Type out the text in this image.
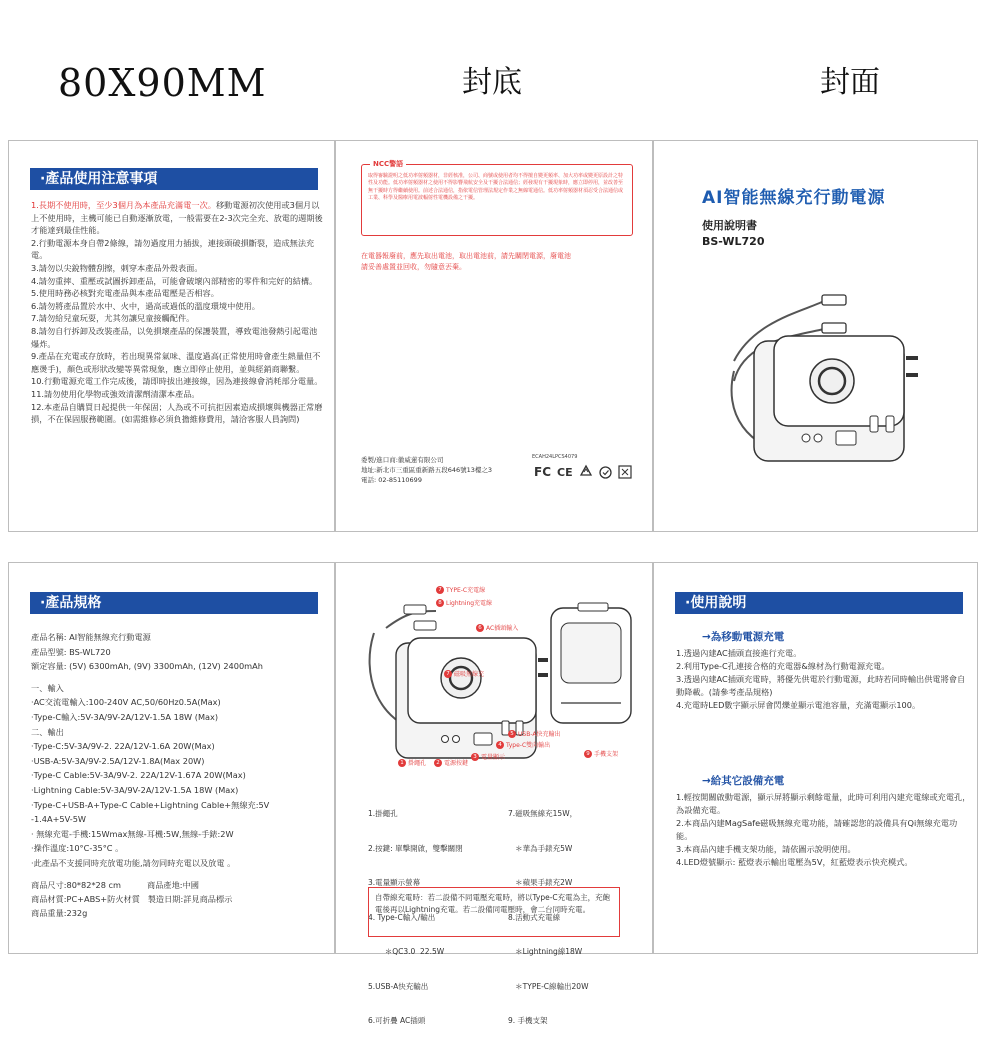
80X90MM	封底	封面
·產品使用注意事項
1.長期不使用時，至少3個月為本產品充滿電一次。移動電源初次使用或3個月以上不使用時，主機可能已自動逐漸放電，一般需要在2-3次完全充、放電的週期後才能達到最佳性能。
2.行動電源本身自帶2條線，請勿過度用力插拔，連接頭破損斷裂，造成無法充電。
3.請勿以尖銳物體刮擦，刺穿本產品外殼表面。
4.請勿重摔、重壓或試圖拆卸產品，可能會破壞內部精密的零件和完好的結構。
5.使用時務必核對充電產品與本產品電壓是否相容。
6.請勿將產品置於水中、火中，過高或過低的溫度環境中使用。
7.請勿給兒童玩耍，尤其勿讓兒童接觸配件。
8.請勿自行拆卸及改裝產品，以免損壞產品的保護裝置，導致電池發熱引起電池爆炸。
9.產品在充電或存放時，若出現異常氣味、溫度過高(正常使用時會產生熱量但不應燙手)，顏色或形狀改變等異常現象，應立即停止使用，並與經銷商聯繫。
10.行動電源充電工作完成後，請即時拔出連接線，因為連接線會消耗部分電量。
11.請勿使用化學物或強效清潔劑清潔本產品。
12.本產品自購買日起提供一年保固；人為或不可抗拒因素造成損壞與機器正常磨損，不在保固服務範圍。(如需維修必須負擔維修費用，請洽客服人員詢問)
NCC警語
取得審驗證明之低功率射頻器材，非經核准，公司、商號或使用者均不得擅自變更頻率、加大功率或變更原設計之特性及功能。低功率射頻器材之使用不得影響飛航安全及干擾合法通信；經發現有干擾現象時，應立即停用，並改善至無干擾時方得繼續使用。前述合法通信，指依電信管理法規定作業之無線電通信。低功率射頻器材須忍受合法通信或工業、科學及醫療用電波輻射性電機設備之干擾。
在電器報廢前，應先取出電池，取出電池前，請先關閉電源，廢電池 請妥善處置並回收，勿隨意丟棄。
委製/進口商:徽威蓮有限公司
地址:新北市三重區重新路五段646號13樓之3
電話: 02-85110699
ECAH24LPCS4079
FC CE
AI智能無線充行動電源
使用說明書
BS-WL720
·產品規格
產品名稱: AI智能無線充行動電源
產品型號: BS-WL720
額定容量: (5V) 6300mAh, (9V) 3300mAh, (12V) 2400mAh
一、輸入
·AC交流電輸入:100-240V AC,50/60Hz0.5A(Max)
·Type-C輸入:5V-3A/9V-2A/12V-1.5A 18W (Max)
二、輸出
·Type-C:5V-3A/9V-2. 22A/12V-1.6A 20W(Max)
·USB-A:5V-3A/9V-2.5A/12V-1.8A(Max 20W)
·Type-C Cable:5V-3A/9V-2. 22A/12V-1.67A 20W(Max)
·Lightning Cable:5V-3A/9V-2A/12V-1.5A 18W (Max)
·Type-C+USB-A+Type-C Cable+Lightning Cable+無線充:5V
-1.4A+5V-5W
· 無線充電-手機:15Wmax無線-耳機:5W,無線-手錶:2W
·操作溫度:10°C-35°C 。
·此產品不支援同時充放電功能,請勿同時充電以及放電 。
商品尺寸:80*82*28 cm          商品產地:中國
商品材質:PC+ABS+防火材質   製造日期:詳見商品標示
商品重量:232g
7 TYPE-C充電線
8 Lightning充電線
6 AC插頭輸入
7 磁吸無線充
5 USB-A快充輸出
4 Type-C雙向輸出
3 電量顯示
2 電源按鍵
1 掛繩孔
9 手機支架

1.掛繩孔

2.按鍵: 單擊開啟，雙擊關閉

3.電量顯示螢幕

4. Type-C輸入/輸出

＊QC3.0  22.5W

5.USB-A快充輸出

6.可折疊 AC插頭

7.磁吸無線充15W，

＊華為手錶充5W

＊蘋果手錶充2W

8.活動式充電線

＊Lightning線18W

＊TYPE-C線輸出20W

9. 手機支架

自帶線充電時：若二設備不同電壓充電時，將以Type-C充電為主，充飽電後再以Lightning充電。若二設備同電壓時，會二台同時充電。
·使用說明
→為移動電源充電
1.透過內建AC插頭直接進行充電。
2.利用Type-C孔連接合格的充電器&線材為行動電源充電。
3.透過內建AC插頭充電時，將優先供電於行動電源，此時若同時輸出供電將會自動降載。(請參考產品規格)
4.充電時LED數字顯示屏會閃爍並顯示電池容量，充滿電顯示100。
→給其它設備充電
1.輕按開關啟動電源，顯示屏將顯示剩餘電量，此時可利用內建充電線或充電孔，為設備充電。
2.本商品內建MagSafe磁吸無線充電功能，請確認您的設備具有Qi無線充電功能。
3.本商品內建手機支架功能，請依圖示說明使用。
4.LED燈號顯示: 藍燈表示輸出電壓為5V，紅藍燈表示快充模式。
